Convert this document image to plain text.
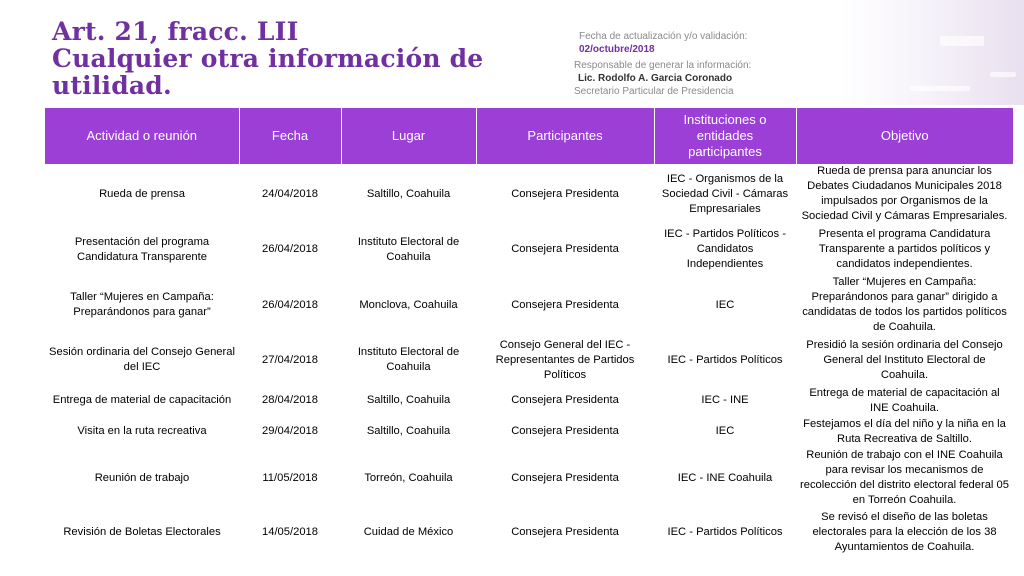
Art. 21, fracc. LII
Cualquier otra información de
utilidad.
Fecha de actualización y/o validación:
02/octubre/2018
Responsable de generar la información:
Lic. Rodolfo A. Garcia Coronado
Secretario Particular de Presidencia
Actividad o reunión	Fecha	Lugar	Participantes	Instituciones o entidades participantes	Objetivo
Rueda de prensa	24/04/2018	Saltillo, Coahuila	Consejera Presidenta	IEC - Organismos de la Sociedad Civil - Cámaras Empresariales	Rueda de prensa para anunciar los Debates Ciudadanos Municipales 2018 impulsados por Organismos de la Sociedad Civil y Cámaras Empresariales.
Presentación del programa Candidatura Transparente	26/04/2018	Instituto Electoral de Coahuila	Consejera Presidenta	IEC - Partidos Políticos - Candidatos Independientes	Presenta el programa Candidatura Transparente a partidos políticos y candidatos independientes.
Taller “Mujeres en Campaña: Preparándonos para ganar”	26/04/2018	Monclova, Coahuila	Consejera Presidenta	IEC	Taller “Mujeres en Campaña: Preparándonos para ganar” dirigido a candidatas de todos los partidos políticos de Coahuila.
Sesión ordinaria del Consejo General del IEC	27/04/2018	Instituto Electoral de Coahuila	Consejo General del IEC - Representantes de Partidos Políticos	IEC - Partidos Políticos	Presidió la sesión ordinaria del Consejo General del Instituto Electoral de Coahuila.
Entrega de material de capacitación	28/04/2018	Saltillo, Coahuila	Consejera Presidenta	IEC - INE	Entrega de material de capacitación al INE Coahuila.
Visita en la ruta recreativa	29/04/2018	Saltillo, Coahuila	Consejera Presidenta	IEC	Festejamos el día del niño y la niña en la Ruta Recreativa de Saltillo.
Reunión de trabajo	11/05/2018	Torreón, Coahuila	Consejera Presidenta	IEC - INE Coahuila	Reunión de trabajo con el INE Coahuila para revisar los mecanismos de recolección del distrito electoral federal 05 en Torreón Coahuila.
Revisión de Boletas Electorales	14/05/2018	Cuidad de México	Consejera Presidenta	IEC - Partidos Políticos	Se revisó el diseño de las boletas electorales para la elección de los 38 Ayuntamientos de Coahuila.
